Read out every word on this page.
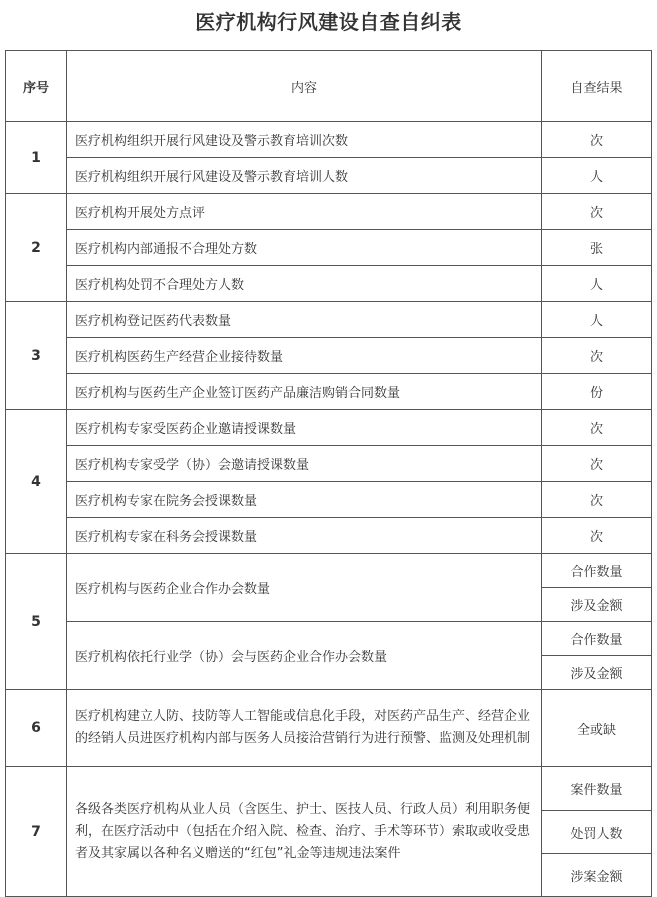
医疗机构行风建设自查自纠表
序号	内容	自查结果
1	医疗机构组织开展行风建设及警示教育培训次数	次
	医疗机构组织开展行风建设及警示教育培训人数	人
2	医疗机构开展处方点评	次
	医疗机构内部通报不合理处方数	张
	医疗机构处罚不合理处方人数	人
3	医疗机构登记医药代表数量	人
	医疗机构医药生产经营企业接待数量	次
	医疗机构与医药生产企业签订医药产品廉洁购销合同数量	份
4	医疗机构专家受医药企业邀请授课数量	次
	医疗机构专家受学（协）会邀请授课数量	次
	医疗机构专家在院务会授课数量	次
	医疗机构专家在科务会授课数量	次
5	医疗机构与医药企业合作办会数量	合作数量
		涉及金额
	医疗机构依托行业学（协）会与医药企业合作办会数量	合作数量
		涉及金额
6	医疗机构建立人防、技防等人工智能或信息化手段，对医药产品生产、经营企业的经销人员进医疗机构内部与医务人员接洽营销行为进行预警、监测及处理机制	全或缺
7	各级各类医疗机构从业人员（含医生、护士、医技人员、行政人员）利用职务便利，在医疗活动中（包括在介绍入院、检查、治疗、手术等环节）索取或收受患者及其家属以各种名义赠送的“红包”礼金等违规违法案件	案件数量
		处罚人数
		涉案金额
